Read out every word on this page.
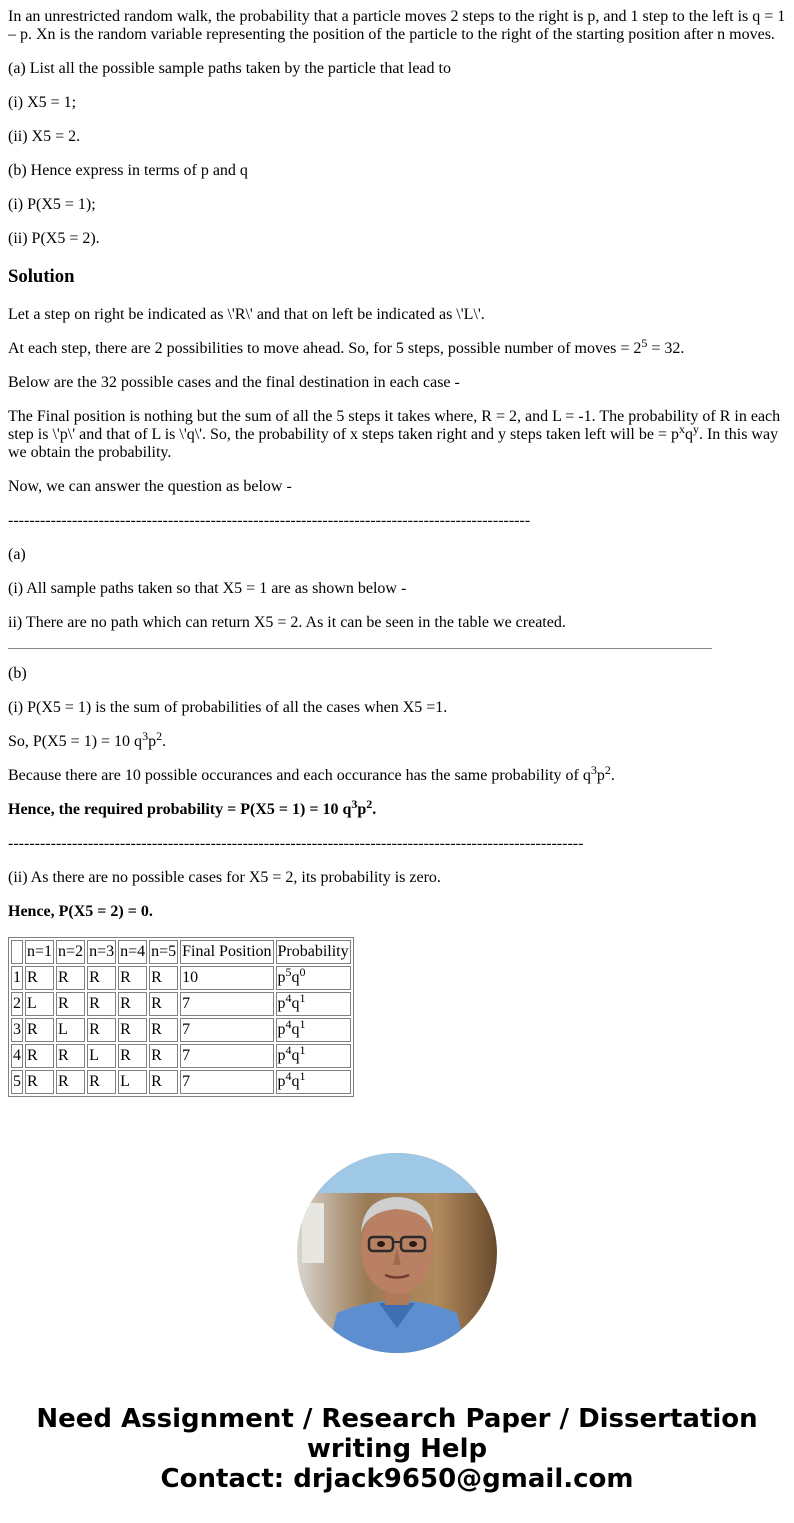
In an unrestricted random walk, the probability that a particle moves 2 steps to the right is p, and 1 step to the left is q = 1 – p. Xn is the random variable representing the position of the particle to the right of the starting position after n moves.

(a) List all the possible sample paths taken by the particle that lead to

(i) X5 = 1;

(ii) X5 = 2.

(b) Hence express in terms of p and q

(i) P(X5 = 1);

(ii) P(X5 = 2).

Solution

Let a step on right be indicated as \'R\' and that on left be indicated as \'L\'.

At each step, there are 2 possibilities to move ahead. So, for 5 steps, possible number of moves = $2^5 = 32$.

Below are the 32 possible cases and the final destination in each case -

The Final position is nothing but the sum of all the 5 steps it takes where, R = 2, and L = -1. The probability of R in each step is \'p\' and that of L is \'q\'. So, the probability of x steps taken right and y steps taken left will be = $p^xq^y$. In this way we obtain the probability.

Now, we can answer the question as below -

--------------------------------------------------------------------------------------------------

(a)

(i) All sample paths taken so that X5 = 1 are as shown below -

ii) There are no path which can return X5 = 2. As it can be seen in the table we created.

(b)

(i) P(X5 = 1) is the sum of probabilities of all the cases when X5 =1.

So, P(X5 = 1) = 10 $q^3p^2$.

Because there are 10 possible occurances and each occurance has the same probability of $q^3p^2$.

Hence, the required probability = P(X5 = 1) = 10 $q^3p^2$.

------------------------------------------------------------------------------------------------------------

(ii) As there are no possible cases for X5 = 2, its probability is zero.

Hence, P(X5 = 2) = 0.

	n=1	n=2	n=3	n=4	n=5	Final Position	Probability
1	R	R	R	R	R	10	$p^5q^0$
2	L	R	R	R	R	7	$p^4q^1$
3	R	L	R	R	R	7	$p^4q^1$
4	R	R	L	R	R	7	$p^4q^1$
5	R	R	R	L	R	7	$p^4q^1$
Need Assignment / Research Paper / Dissertation
writing Help
Contact: drjack9650@gmail.com
